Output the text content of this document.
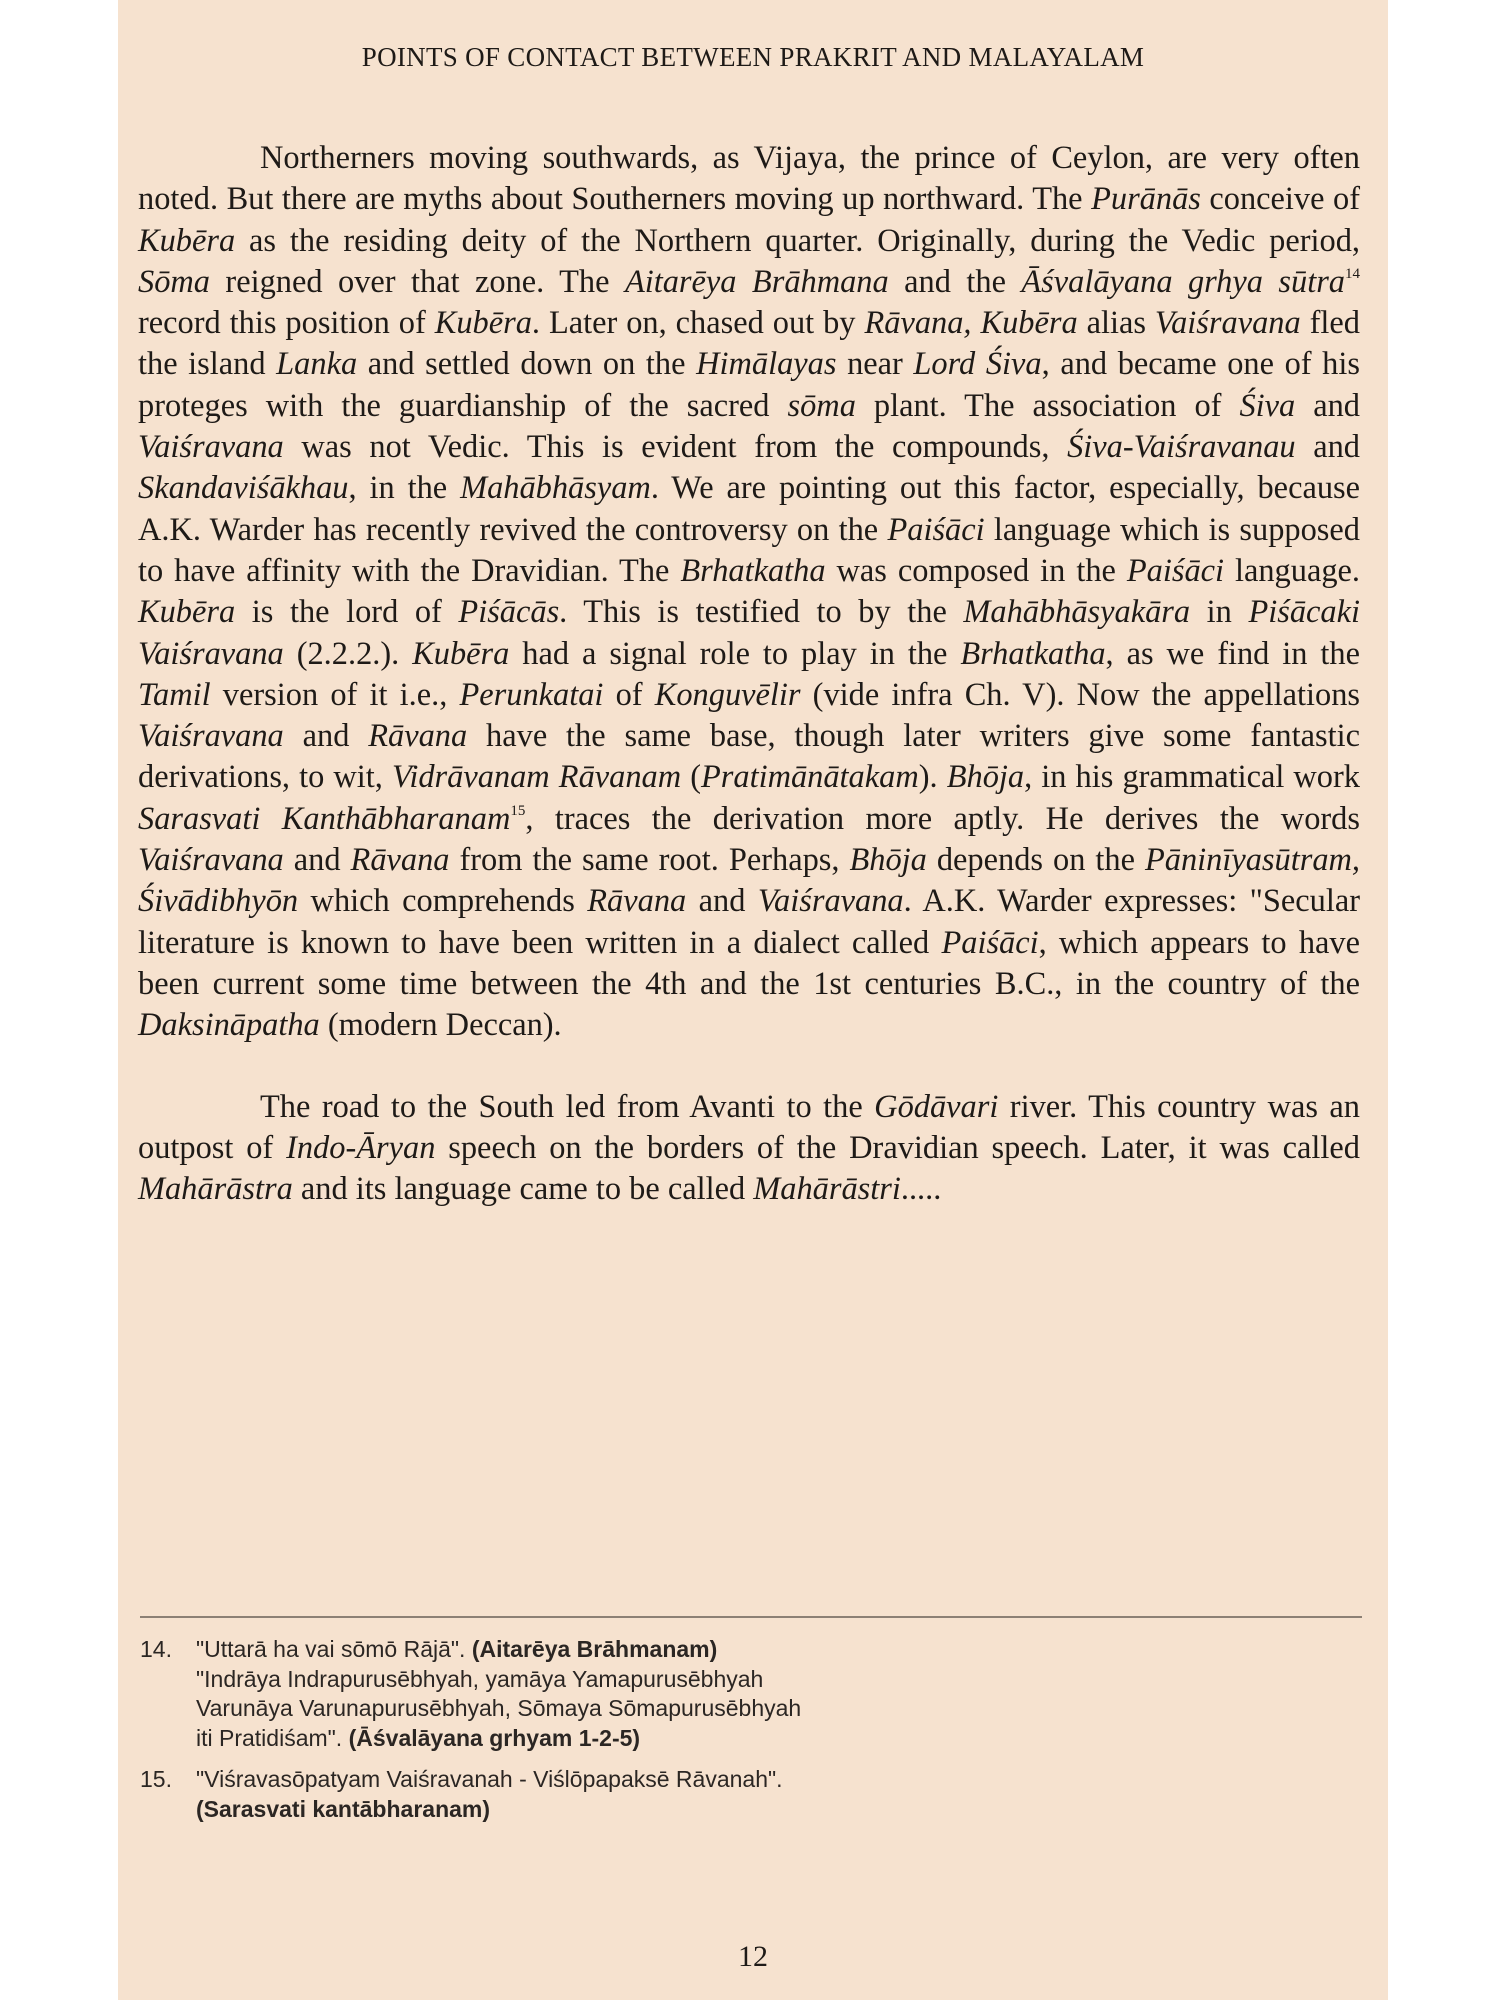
POINTS OF CONTACT BETWEEN PRAKRIT AND MALAYALAM

Northerners moving southwards, as Vijaya, the prince of Ceylon, are very often noted. But there are myths about Southerners moving up northward. The Purānās conceive of Kubēra as the residing deity of the Northern quarter. Originally, during the Vedic period, Sōma reigned over that zone. The Aitarēya Brāhmana and the Āśvalāyana grhya sūtra$^{14}$ record this position of Kubēra. Later on, chased out by Rāvana, Kubēra alias Vaiśravana fled the island Lanka and settled down on the Himālayas near Lord Śiva, and became one of his proteges with the guardianship of the sacred sōma plant. The association of Śiva and Vaiśravana was not Vedic. This is evident from the compounds, Śiva-Vaiśravanau and Skandaviśākhau, in the Mahābhāsyam. We are pointing out this factor, especially, because A.K. Warder has recently revived the controversy on the Paiśāci language which is supposed to have affinity with the Dravidian. The Brhatkatha was composed in the Paiśāci language. Kubēra is the lord of Piśācās. This is testified to by the Mahābhāsyakāra in Piśācaki Vaiśravana (2.2.2.). Kubēra had a signal role to play in the Brhatkatha, as we find in the Tamil version of it i.e., Perunkatai of Konguvēlir (vide infra Ch. V). Now the appellations Vaiśravana and Rāvana have the same base, though later writers give some fantastic derivations, to wit, Vidrāvanam Rāvanam (Pratimānātakam). Bhōja, in his grammatical work Sarasvati Kanthābharanam$^{15}$, traces the derivation more aptly. He derives the words Vaiśravana and Rāvana from the same root. Perhaps, Bhōja depends on the Pāninīyasūtram, Śivādibhyōn which comprehends Rāvana and Vaiśravana. A.K. Warder expresses: "Secular literature is known to have been written in a dialect called Paiśāci, which appears to have been current some time between the 4th and the 1st centuries B.C., in the country of the Daksināpatha (modern Deccan).

The road to the South led from Avanti to the Gōdāvari river. This country was an outpost of Indo-Āryan speech on the borders of the Dravidian speech. Later, it was called Mahārāstra and its language came to be called Mahārāstri.....

14.	"Uttarā ha vai sōmō Rājā". (Aitarēya Brāhmanam)
"Indrāya Indrapurusēbhyah, yamāya Yamapurusēbhyah
Varunāya Varunapurusēbhyah, Sōmaya Sōmapurusēbhyah
iti Pratidiśam". (Āśvalāyana grhyam 1-2-5)
15.	"Viśravasōpatyam Vaiśravanah - Viślōpapaksē Rāvanah".
(Sarasvati kantābharanam)
12
